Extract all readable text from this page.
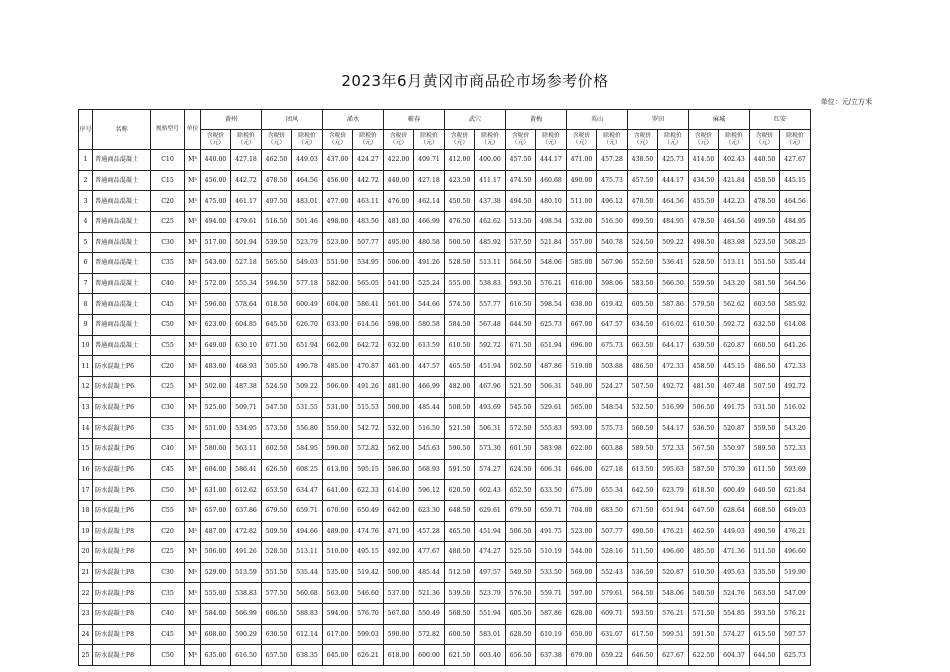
2023年6月黄冈市商品砼市场参考价格
单位：元/立方米
序号	名称	规格型号	单位	黄州		团风		浠水		蕲春		武穴		黄梅		英山		罗田		麻城		红安	
				含税价（元）	除税价（元）	含税价（元）	除税价（元）	含税价（元）	除税价（元）	含税价（元）	除税价（元）	含税价（元）	除税价（元）	含税价（元）	除税价（元）	含税价（元）	除税价（元）	含税价（元）	除税价（元）	含税价（元）	除税价（元）	含税价（元）	除税价（元）
1	普通商品混凝土	C10	M³	440.00	427.18	462.50	449.03	437.00	424.27	422.00	409.71	412.00	400.00	457.50	444.17	471.00	457.28	438.50	425.73	414.50	402.43	440.50	427.67
2	普通商品混凝土	C15	M³	456.00	442.72	478.50	464.56	456.00	442.72	440.00	427.18	423.50	411.17	474.50	460.68	490.00	475.73	457.50	444.17	434.50	421.84	458.50	445.15
3	普通商品混凝土	C20	M³	475.00	461.17	497.50	483.01	477.00	463.11	476.00	462.14	450.50	437.38	494.50	480.10	511.00	496.12	478.50	464.56	455.50	442.23	478.50	464.56
4	普通商品混凝土	C25	M³	494.00	479.61	516.50	501.46	498.00	483.50	481.00	466.99	476.50	462.62	513.50	498.54	532.00	516.50	499.50	484.95	478.50	464.56	499.50	484.95
5	普通商品混凝土	C30	M³	517.00	501.94	539.50	523.79	523.00	507.77	495.00	480.58	500.50	485.92	537.50	521.84	557.00	540.78	524.50	509.22	498.50	483.98	523.50	508.25
6	普通商品混凝土	C35	M³	543.00	527.18	565.50	549.03	551.00	534.95	506.00	491.26	528.50	513.11	564.50	548.06	585.00	567.96	552.50	536.41	528.50	513.11	551.50	535.44
7	普通商品混凝土	C40	M³	572.00	555.34	594.50	577.18	582.00	565.05	541.00	525.24	555.00	538.83	593.50	576.21	616.00	598.06	583.50	566.50	559.50	543.20	581.50	564.56
8	普通商品混凝土	C45	M³	596.00	578.64	618.50	600.49	604.00	586.41	561.00	544.66	574.50	557.77	616.50	598.54	638.00	619.42	605.50	587.86	579.50	562.62	603.50	585.92
9	普通商品混凝土	C50	M³	623.00	604.85	645.50	626.70	633.00	614.56	598.00	580.58	584.50	567.48	644.50	625.73	667.00	647.57	634.50	616.02	610.50	592.72	632.50	614.08
10	普通商品混凝土	C55	M³	649.00	630.10	671.50	651.94	662.00	642.72	632.00	613.59	610.50	592.72	671.50	651.94	696.00	675.73	663.50	644.17	639.50	620.87	660.50	641.26
11	防水混凝土P6	C20	M³	483.00	468.93	505.50	490.78	485.00	470.87	461.00	447.57	465.50	451.94	502.50	487.86	519.00	503.88	486.50	472.33	458.50	445.15	486.50	472.33
12	防水混凝土P6	C25	M³	502.00	487.38	524.50	509.22	506.00	491.26	481.00	466.99	482.00	467.96	521.50	506.31	540.00	524.27	507.50	492.72	481.50	467.48	507.50	492.72
13	防水混凝土P6	C30	M³	525.00	509.71	547.50	531.55	531.00	515.53	500.00	485.44	508.50	493.69	545.50	529.61	565.00	548.54	532.50	516.99	506.50	491.75	531.50	516.02
14	防水混凝土P6	C35	M³	551.00	534.95	573.50	556.80	559.00	542.72	532.00	516.50	521.50	506.31	572.50	555.83	593.00	575.73	560.50	544.17	536.50	520.87	559.50	543.20
15	防水混凝土P6	C40	M³	580.00	563.11	602.50	584.95	590.00	572.82	562.00	545.63	590.50	573.30	601.50	583.98	622.00	603.88	589.50	572.33	567.50	550.97	589.50	572.33
16	防水混凝土P6	C45	M³	604.00	586.41	626.50	608.25	613.00	595.15	586.00	568.93	591.50	574.27	624.50	606.31	646.00	627.18	613.50	595.63	587.50	570.39	611.50	593.69
17	防水混凝土P6	C50	M³	631.00	612.62	653.50	634.47	641.00	622.33	614.00	596.12	620.50	602.43	652.50	633.50	675.00	655.34	642.50	623.79	618.50	600.49	640.50	621.84
18	防水混凝土P6	C55	M³	657.00	637.86	679.50	659.71	670.00	650.49	642.00	623.30	648.50	629.61	679.50	659.71	704.00	683.50	671.50	651.94	647.50	628.64	668.50	649.03
19	防水混凝土P8	C20	M³	487.00	472.82	509.50	494.66	489.00	474.76	471.00	457.28	465.50	451.94	506.50	491.75	523.00	507.77	490.50	476.21	462.50	449.03	490.50	476.21
20	防水混凝土P8	C25	M³	506.00	491.26	528.50	513.11	510.00	495.15	492.00	477.67	488.50	474.27	525.50	510.19	544.00	528.16	511.50	496.60	485.50	471.36	511.50	496.60
21	防水混凝土P8	C30	M³	529.00	513.59	551.50	535.44	535.00	519.42	500.00	485.44	512.50	497.57	549.50	533.50	569.00	552.43	536.50	520.87	510.50	495.63	535.50	519.90
22	防水混凝土P8	C35	M³	555.00	538.83	577.50	560.68	563.00	546.60	537.00	521.36	539.50	523.79	576.50	559.71	597.00	579.61	564.50	548.06	540.50	524.76	563.50	547.09
23	防水混凝土P8	C40	M³	584.00	566.99	606.50	588.83	594.00	576.70	567.00	550.49	568.50	551.94	605.50	587.86	628.00	609.71	593.50	576.21	571.50	554.85	593.50	576.21
24	防水混凝土P8	C45	M³	608.00	590.29	630.50	612.14	617.00	599.03	590.00	572.82	600.50	583.01	628.50	610.19	650.00	631.07	617.50	599.51	591.50	574.27	615.50	597.57
25	防水混凝土P8	C50	M³	635.00	616.50	657.50	638.35	645.00	626.21	618.00	600.00	621.50	603.40	656.50	637.38	679.00	659.22	646.50	627.67	622.50	604.37	644.50	625.73
